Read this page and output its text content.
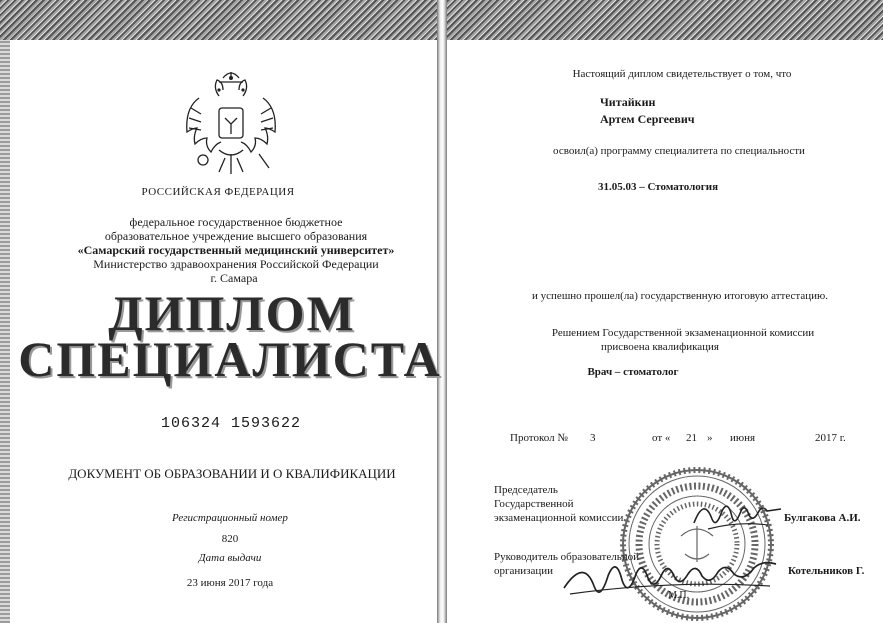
РОССИЙСКАЯ ФЕДЕРАЦИЯ
федеральное государственное бюджетное
образовательное учреждение высшего образования
«Самарский государственный медицинский университет»
Министерство здравоохранения Российской Федерации
г. Самара
ДИПЛОМ
СПЕЦИАЛИСТА
106324 1593622
ДОКУМЕНТ ОБ ОБРАЗОВАНИИ И О КВАЛИФИКАЦИИ
Регистрационный номер
820
Дата выдачи
23 июня 2017 года
Настоящий диплом свидетельствует о том, что
Читайкин
Артем Сергеевич
освоил(а) программу специалитета по специальности
31.05.03 – Стоматология
и успешно прошел(ла) государственную итоговую аттестацию.
Решением Государственной экзаменационной комиссии
присвоена квалификация
Врач – стоматолог
Протокол № 3	от « 21 » июня	2017 г.
Председатель
Государственной
экзаменационной комиссии	Булгакова А.И.
Руководитель образовательной
организации	Котельников Г.
М.П.
